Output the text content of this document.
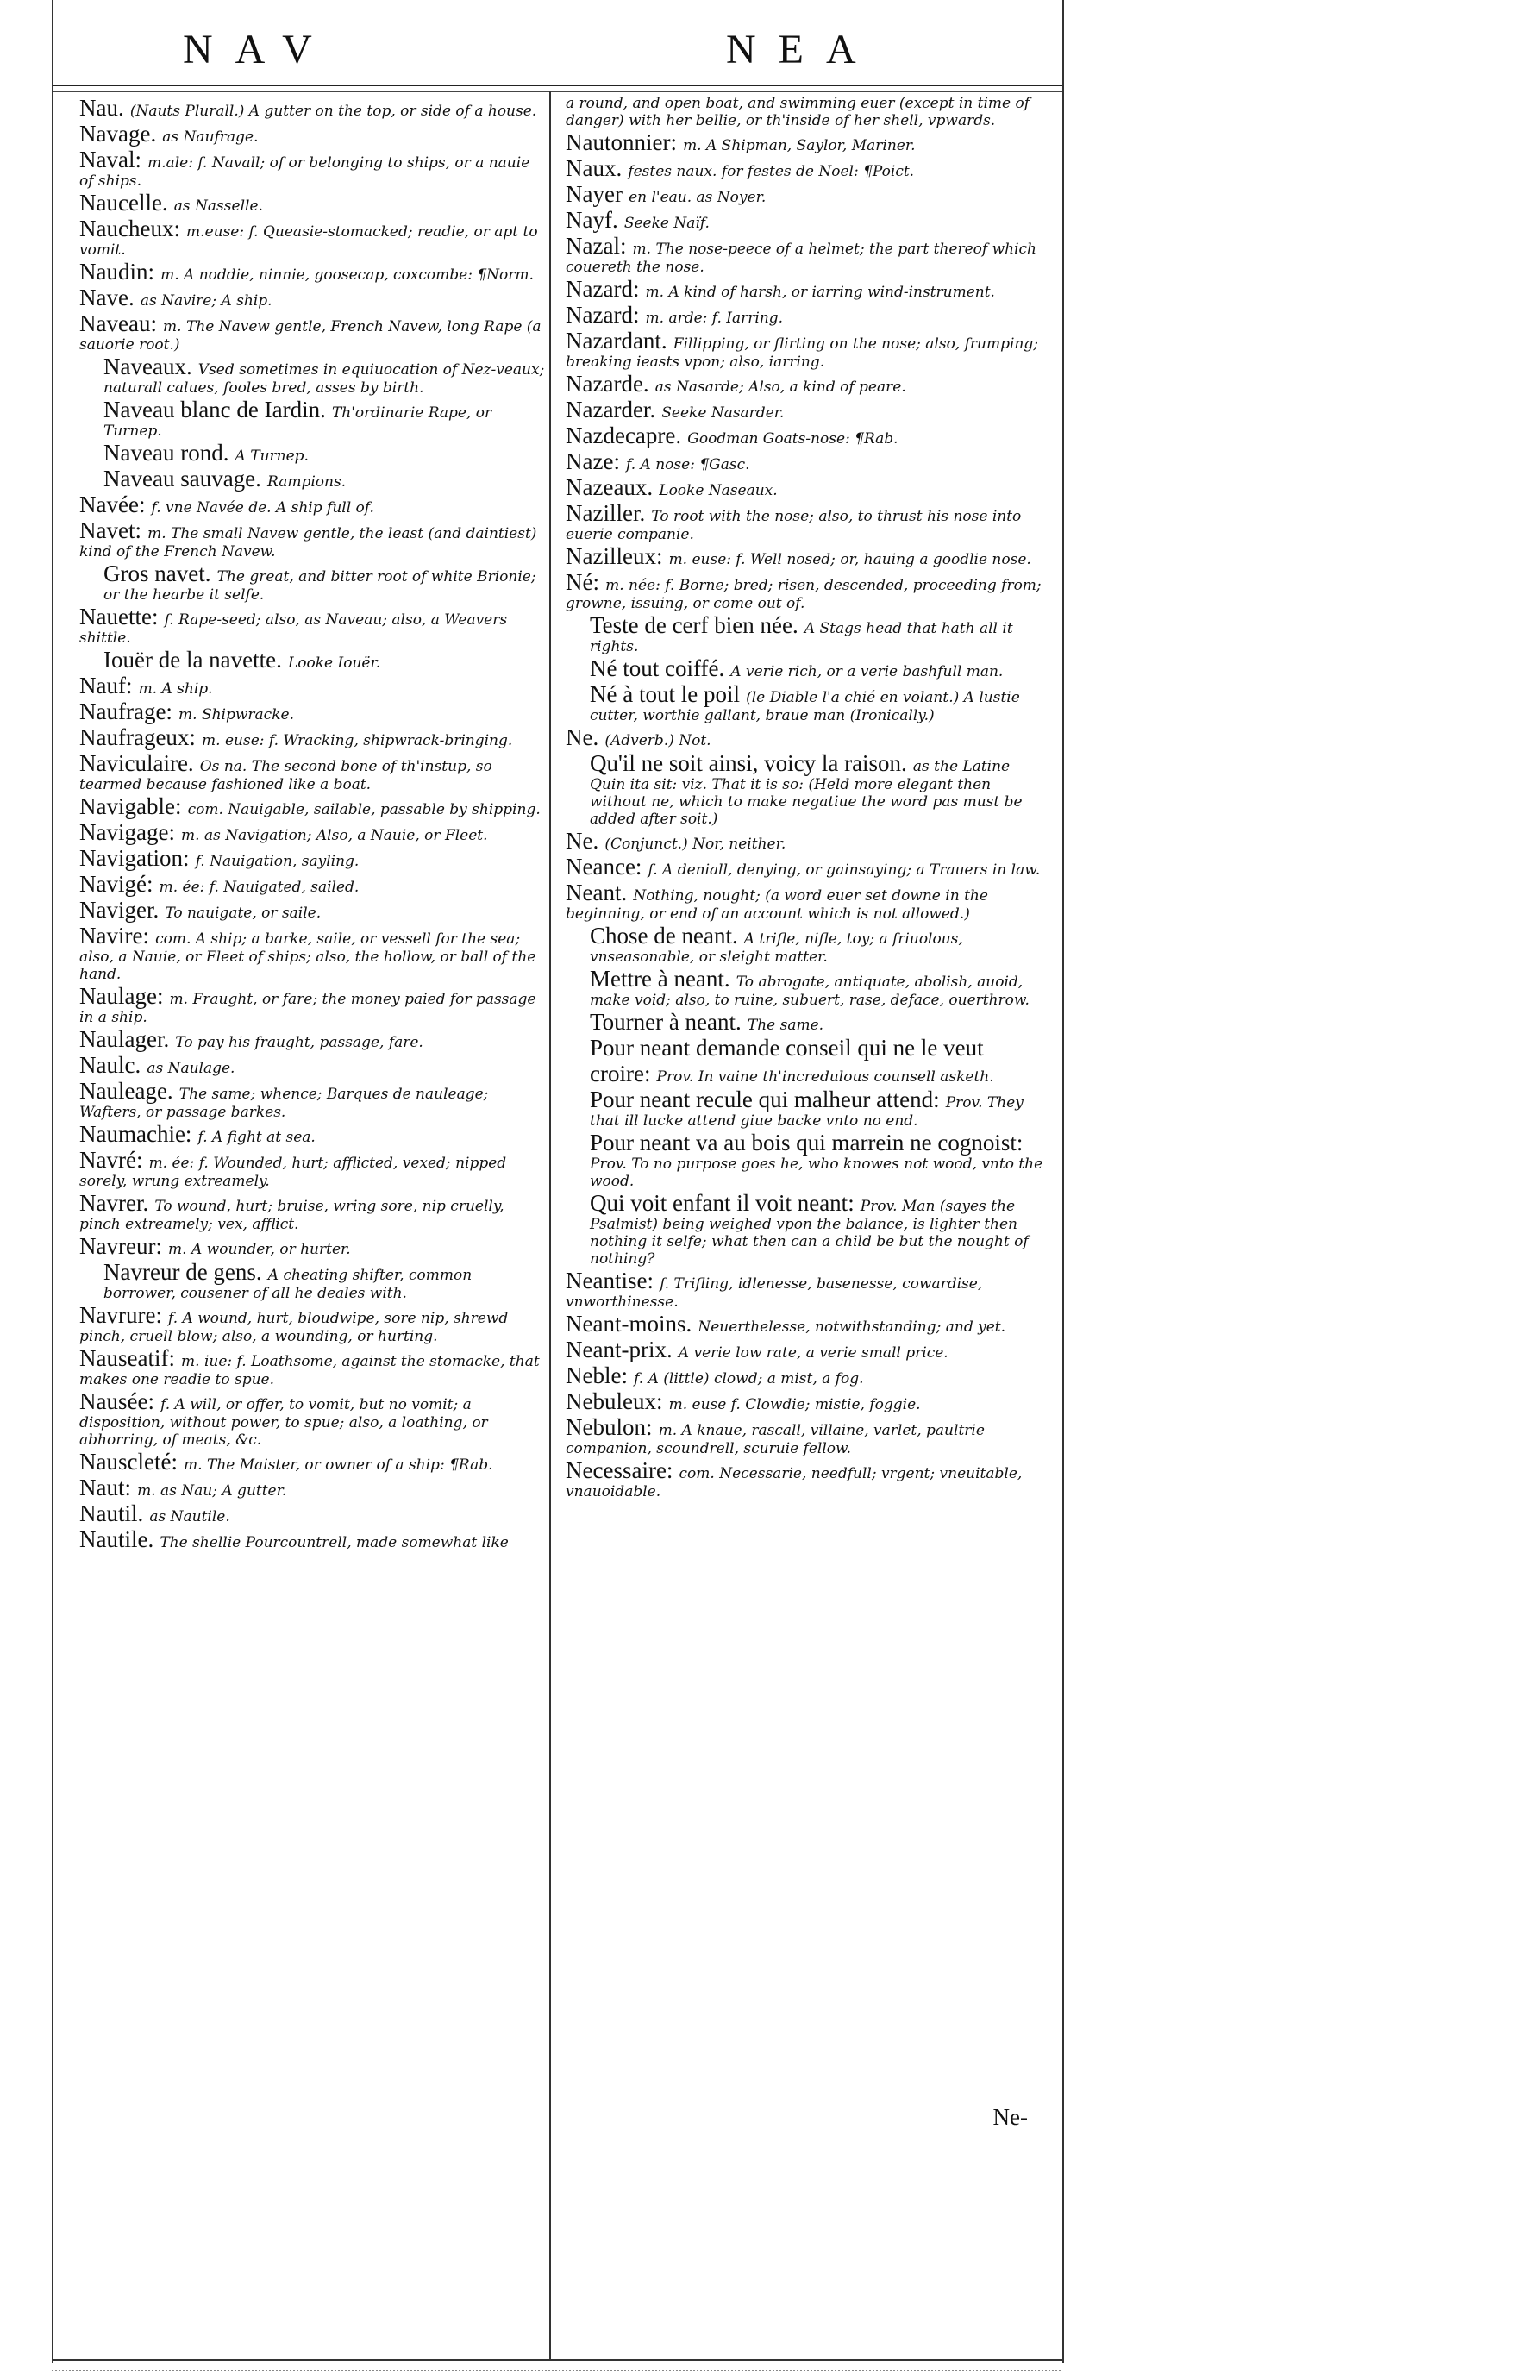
NAV	NEA

Nau. (Nauts Plurall.) A gutter on the top, or side of a house.

Navage. as Naufrage.

Naval: m.ale: f. Navall; of or belonging to ships, or a nauie of ships.

Naucelle. as Nasselle.

Naucheux: m.euse: f. Queasie-stomacked; readie, or apt to vomit.

Naudin: m. A noddie, ninnie, goosecap, coxcombe: ¶Norm.

Nave. as Navire; A ship.

Naveau: m. The Navew gentle, French Navew, long Rape (a sauorie root.)

Naveaux. Vsed sometimes in equiuocation of Nez-veaux; naturall calues, fooles bred, asses by birth.

Naveau blanc de Iardin. Th'ordinarie Rape, or Turnep.

Naveau rond. A Turnep.

Naveau sauvage. Rampions.

Navée: f. vne Navée de. A ship full of.

Navet: m. The small Navew gentle, the least (and daintiest) kind of the French Navew.

Gros navet. The great, and bitter root of white Brionie; or the hearbe it selfe.

Nauette: f. Rape-seed; also, as Naveau; also, a Weavers shittle.

Iouër de la navette. Looke Iouër.

Nauf: m. A ship.

Naufrage: m. Shipwracke.

Naufrageux: m. euse: f. Wracking, shipwrack-bringing.

Naviculaire. Os na. The second bone of th'instup, so tearmed because fashioned like a boat.

Navigable: com. Nauigable, sailable, passable by shipping.

Navigage: m. as Navigation; Also, a Nauie, or Fleet.

Navigation: f. Nauigation, sayling.

Navigé: m. ée: f. Nauigated, sailed.

Naviger. To nauigate, or saile.

Navire: com. A ship; a barke, saile, or vessell for the sea; also, a Nauie, or Fleet of ships; also, the hollow, or ball of the hand.

Naulage: m. Fraught, or fare; the money paied for passage in a ship.

Naulager. To pay his fraught, passage, fare.

Naulc. as Naulage.

Nauleage. The same; whence; Barques de nauleage; Wafters, or passage barkes.

Naumachie: f. A fight at sea.

Navré: m. ée: f. Wounded, hurt; afflicted, vexed; nipped sorely, wrung extreamely.

Navrer. To wound, hurt; bruise, wring sore, nip cruelly, pinch extreamely; vex, afflict.

Navreur: m. A wounder, or hurter.

Navreur de gens. A cheating shifter, common borrower, cousener of all he deales with.

Navrure: f. A wound, hurt, bloudwipe, sore nip, shrewd pinch, cruell blow; also, a wounding, or hurting.

Nauseatif: m. iue: f. Loathsome, against the stomacke, that makes one readie to spue.

Nausée: f. A will, or offer, to vomit, but no vomit; a disposition, without power, to spue; also, a loathing, or abhorring, of meats, &c.

Nauscleté: m. The Maister, or owner of a ship: ¶Rab.

Naut: m. as Nau; A gutter.

Nautil. as Nautile.

Nautile. The shellie Pourcountrell, made somewhat like

a round, and open boat, and swimming euer (except in time of danger) with her bellie, or th'inside of her shell, vpwards.

Nautonnier: m. A Shipman, Saylor, Mariner.

Naux. festes naux. for festes de Noel: ¶Poict.

Nayer en l'eau. as Noyer.

Nayf. Seeke Naïf.

Nazal: m. The nose-peece of a helmet; the part thereof which couereth the nose.

Nazard: m. A kind of harsh, or iarring wind-instrument.

Nazard: m. arde: f. Iarring.

Nazardant. Fillipping, or flirting on the nose; also, frumping; breaking ieasts vpon; also, iarring.

Nazarde. as Nasarde; Also, a kind of peare.

Nazarder. Seeke Nasarder.

Nazdecapre. Goodman Goats-nose: ¶Rab.

Naze: f. A nose: ¶Gasc.

Nazeaux. Looke Naseaux.

Naziller. To root with the nose; also, to thrust his nose into euerie companie.

Nazilleux: m. euse: f. Well nosed; or, hauing a goodlie nose.

Né: m. née: f. Borne; bred; risen, descended, proceeding from; growne, issuing, or come out of.

Teste de cerf bien née. A Stags head that hath all it rights.

Né tout coiffé. A verie rich, or a verie bashfull man.

Né à tout le poil (le Diable l'a chié en volant.) A lustie cutter, worthie gallant, braue man (Ironically.)

Ne. (Adverb.) Not.

Qu'il ne soit ainsi, voicy la raison. as the Latine Quin ita sit: viz. That it is so: (Held more elegant then without ne, which to make negatiue the word pas must be added after soit.)

Ne. (Conjunct.) Nor, neither.

Neance: f. A deniall, denying, or gainsaying; a Trauers in law.

Neant. Nothing, nought; (a word euer set downe in the beginning, or end of an account which is not allowed.)

Chose de neant. A trifle, nifle, toy; a friuolous, vnseasonable, or sleight matter.

Mettre à neant. To abrogate, antiquate, abolish, auoid, make void; also, to ruine, subuert, rase, deface, ouerthrow.

Tourner à neant. The same.

Pour neant demande conseil qui ne le veut croire: Prov. In vaine th'incredulous counsell asketh.

Pour neant recule qui malheur attend: Prov. They that ill lucke attend giue backe vnto no end.

Pour neant va au bois qui marrein ne cognoist: Prov. To no purpose goes he, who knowes not wood, vnto the wood.

Qui voit enfant il voit neant: Prov. Man (sayes the Psalmist) being weighed vpon the balance, is lighter then nothing it selfe; what then can a child be but the nought of nothing?

Neantise: f. Trifling, idlenesse, basenesse, cowardise, vnworthinesse.

Neant-moins. Neuerthelesse, notwithstanding; and yet.

Neant-prix. A verie low rate, a verie small price.

Neble: f. A (little) clowd; a mist, a fog.

Nebuleux: m. euse f. Clowdie; mistie, foggie.

Nebulon: m. A knaue, rascall, villaine, varlet, paultrie companion, scoundrell, scuruie fellow.

Necessaire: com. Necessarie, needfull; vrgent; vneuitable, vnauoidable.

Ne-
